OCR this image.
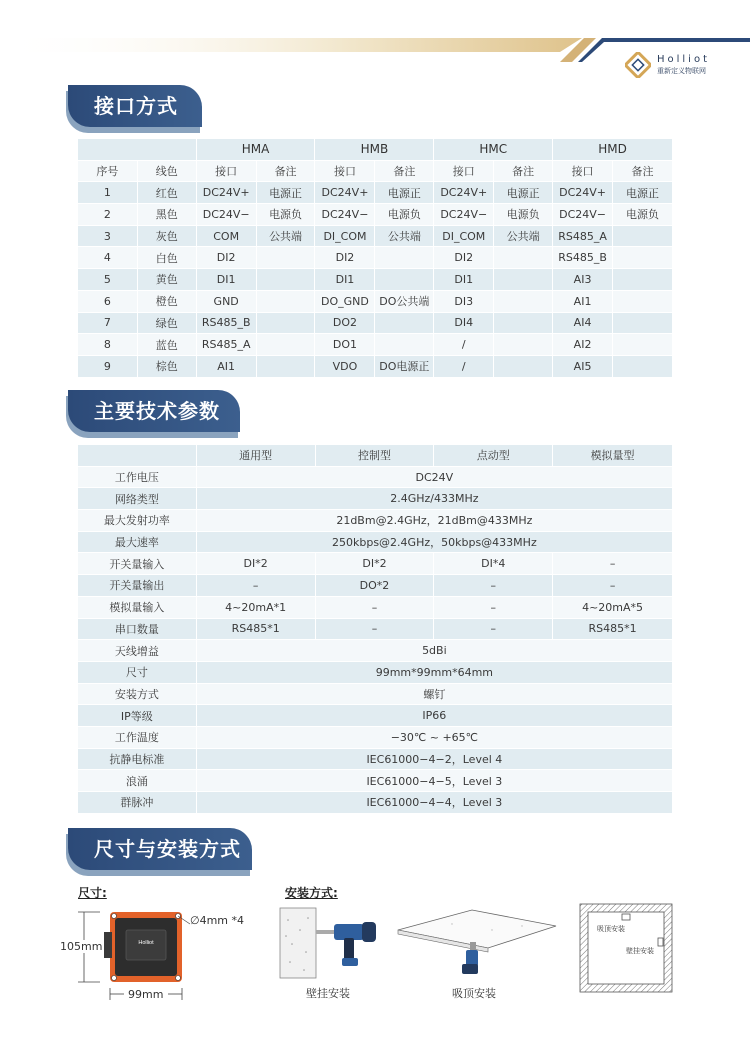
Holliot
重新定义物联网
接口方式
		HMA		HMB		HMC		HMD	
序号	线色	接口	备注	接口	备注	接口	备注	接口	备注
1	红色	DC24V+	电源正	DC24V+	电源正	DC24V+	电源正	DC24V+	电源正
2	黑色	DC24V−	电源负	DC24V−	电源负	DC24V−	电源负	DC24V−	电源负
3	灰色	COM	公共端	DI_COM	公共端	DI_COM	公共端	RS485_A	
4	白色	DI2		DI2		DI2		RS485_B	
5	黄色	DI1		DI1		DI1		AI3	
6	橙色	GND		DO_GND	DO公共端	DI3		AI1	
7	绿色	RS485_B		DO2		DI4		AI4	
8	蓝色	RS485_A		DO1		/		AI2	
9	棕色	AI1		VDO	DO电源正	/		AI5	
主要技术参数
	通用型	控制型	点动型	模拟量型
工作电压	DC24V			
网络类型	2.4GHz/433MHz			
最大发射功率	21dBm@2.4GHz，21dBm@433MHz			
最大速率	250kbps@2.4GHz，50kbps@433MHz			
开关量输入	DI*2	DI*2	DI*4	–
开关量输出	–	DO*2	–	–
模拟量输入	4~20mA*1	–	–	4~20mA*5
串口数量	RS485*1	–	–	RS485*1
天线增益	5dBi			
尺寸	99mm*99mm*64mm			
安装方式	螺钉			
IP等级	IP66			
工作温度	−30℃ ~ +65℃			
抗静电标准	IEC61000−4−2，Level 4			
浪涌	IEC61000−4−5，Level 3			
群脉冲	IEC61000−4−4，Level 3			
尺寸与安装方式
尺寸:
Holliot
∅4mm *4
105mm
99mm
安装方式:
壁挂安装	吸顶安装
吸顶安装
壁挂安装
